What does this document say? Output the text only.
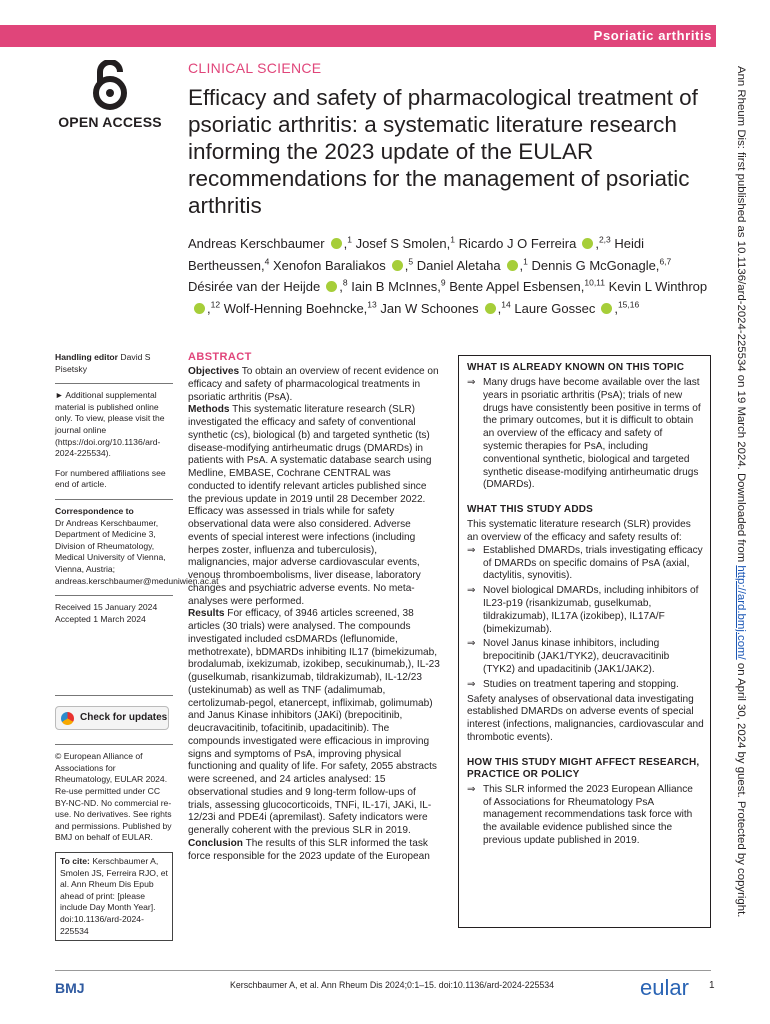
Psoriatic arthritis
OPEN ACCESS
CLINICAL SCIENCE
Efficacy and safety of pharmacological treatment of psoriatic arthritis: a systematic literature research informing the 2023 update of the EULAR recommendations for the management of psoriatic arthritis
Andreas Kerschbaumer ,$^1$ Josef S Smolen,$^1$ Ricardo J O Ferreira ,$^{2,3}$ Heidi Bertheussen,$^4$ Xenofon Baraliakos ,$^5$ Daniel Aletaha ,$^1$ Dennis G McGonagle,$^{6,7}$ Désirée van der Heijde ,$^8$ Iain B McInnes,$^9$ Bente Appel Esbensen,$^{10,11}$ Kevin L Winthrop,$^{12}$ Wolf-Henning Boehncke,$^{13}$ Jan W Schoones ,$^{14}$ Laure Gossec ,$^{15,16}$

Handling editor David S Pisetsky

► Additional supplemental material is published online only. To view, please visit the journal online (https://doi.org/10.1136/ard-2024-225534).

For numbered affiliations see end of article.

Correspondence to
Dr Andreas Kerschbaumer, Department of Medicine 3, Division of Rheumatology, Medical University of Vienna, Vienna, Austria; andreas.kerschbaumer@meduniwien.ac.at

Received 15 January 2024
Accepted 1 March 2024

Check for updates

© European Alliance of Associations for Rheumatology, EULAR 2024. Re-use permitted under CC BY-NC-ND. No commercial re-use. No derivatives. See rights and permissions. Published by BMJ on behalf of EULAR.

To cite: Kerschbaumer A, Smolen JS, Ferreira RJO, et al. Ann Rheum Dis Epub ahead of print: [please include Day Month Year]. doi:10.1136/ard-2024-225534
ABSTRACT

Objectives To obtain an overview of recent evidence on efficacy and safety of pharmacological treatments in psoriatic arthritis (PsA).

Methods This systematic literature research (SLR) investigated the efficacy and safety of conventional synthetic (cs), biological (b) and targeted synthetic (ts) disease-modifying antirheumatic drugs (DMARDs) in patients with PsA. A systematic database search using Medline, EMBASE, Cochrane CENTRAL was conducted to identify relevant articles published since the previous update in 2019 until 28 December 2022. Efficacy was assessed in trials while for safety observational data were also considered. Adverse events of special interest were infections (including herpes zoster, influenza and tuberculosis), malignancies, major adverse cardiovascular events, venous thromboembolisms, liver disease, laboratory changes and psychiatric adverse events. No meta-analyses were performed.

Results For efficacy, of 3946 articles screened, 38 articles (30 trials) were analysed. The compounds investigated included csDMARDs (leflunomide, methotrexate), bDMARDs inhibiting IL17 (bimekizumab, brodalumab, ixekizumab, izokibep, secukinumab,), IL-23 (guselkumab, risankizumab, tildrakizumab), IL-12/23 (ustekinumab) as well as TNF (adalimumab, certolizumab-pegol, etanercept, infliximab, golimumab) and Janus Kinase inhibitors (JAKi) (brepocitinib, deucravacitinib, tofacitinib, upadacitinib). The compounds investigated were efficacious in improving signs and symptoms of PsA, improving physical functioning and quality of life. For safety, 2055 abstracts were screened, and 24 articles analysed: 15 observational studies and 9 long-term follow-ups of trials, assessing glucocorticoids, TNFi, IL-17i, JAKi, IL-12/23i and PDE4i (apremilast). Safety indicators were generally coherent with the previous SLR in 2019.

Conclusion The results of this SLR informed the task force responsible for the 2023 update of the European

WHAT IS ALREADY KNOWN ON THIS TOPIC
⇒ Many drugs have become available over the last years in psoriatic arthritis (PsA); trials of new drugs have consistently been positive in terms of the primary outcomes, but it is difficult to obtain an overview of the efficacy and safety of systemic therapies for PsA, including conventional synthetic, biological and targeted synthetic disease-modifying antirheumatic drugs (DMARDs).
WHAT THIS STUDY ADDS

This systematic literature research (SLR) provides an overview of the efficacy and safety results of:

⇒ Established DMARDs, trials investigating efficacy of DMARDs on specific domains of PsA (axial, dactylitis, synovitis).
⇒ Novel biological DMARDs, including inhibitors of IL23-p19 (risankizumab, guselkumab, tildrakizumab), IL17A (izokibep), IL17A/F (bimekizumab).
⇒ Novel Janus kinase inhibitors, including brepocitinib (JAK1/TYK2), deucravacitinib (TYK2) and upadacitinib (JAK1/JAK2).
⇒ Studies on treatment tapering and stopping.

Safety analyses of observational data investigating established DMARDs on adverse events of special interest (infections, malignancies, cardiovascular and thrombotic events).

HOW THIS STUDY MIGHT AFFECT RESEARCH, PRACTICE OR POLICY
⇒ This SLR informed the 2023 European Alliance of Associations for Rheumatology PsA management recommendations task force with the available evidence published since the previous update published in 2019.
Ann Rheum Dis: first published as 10.1136/ard-2024-225534 on 19 March 2024. Downloaded from http://ard.bmj.com/ on April 30, 2024 by guest. Protected by copyright.
BMJ	Kerschbaumer A, et al. Ann Rheum Dis 2024;0:1–15. doi:10.1136/ard-2024-225534	eular 1
